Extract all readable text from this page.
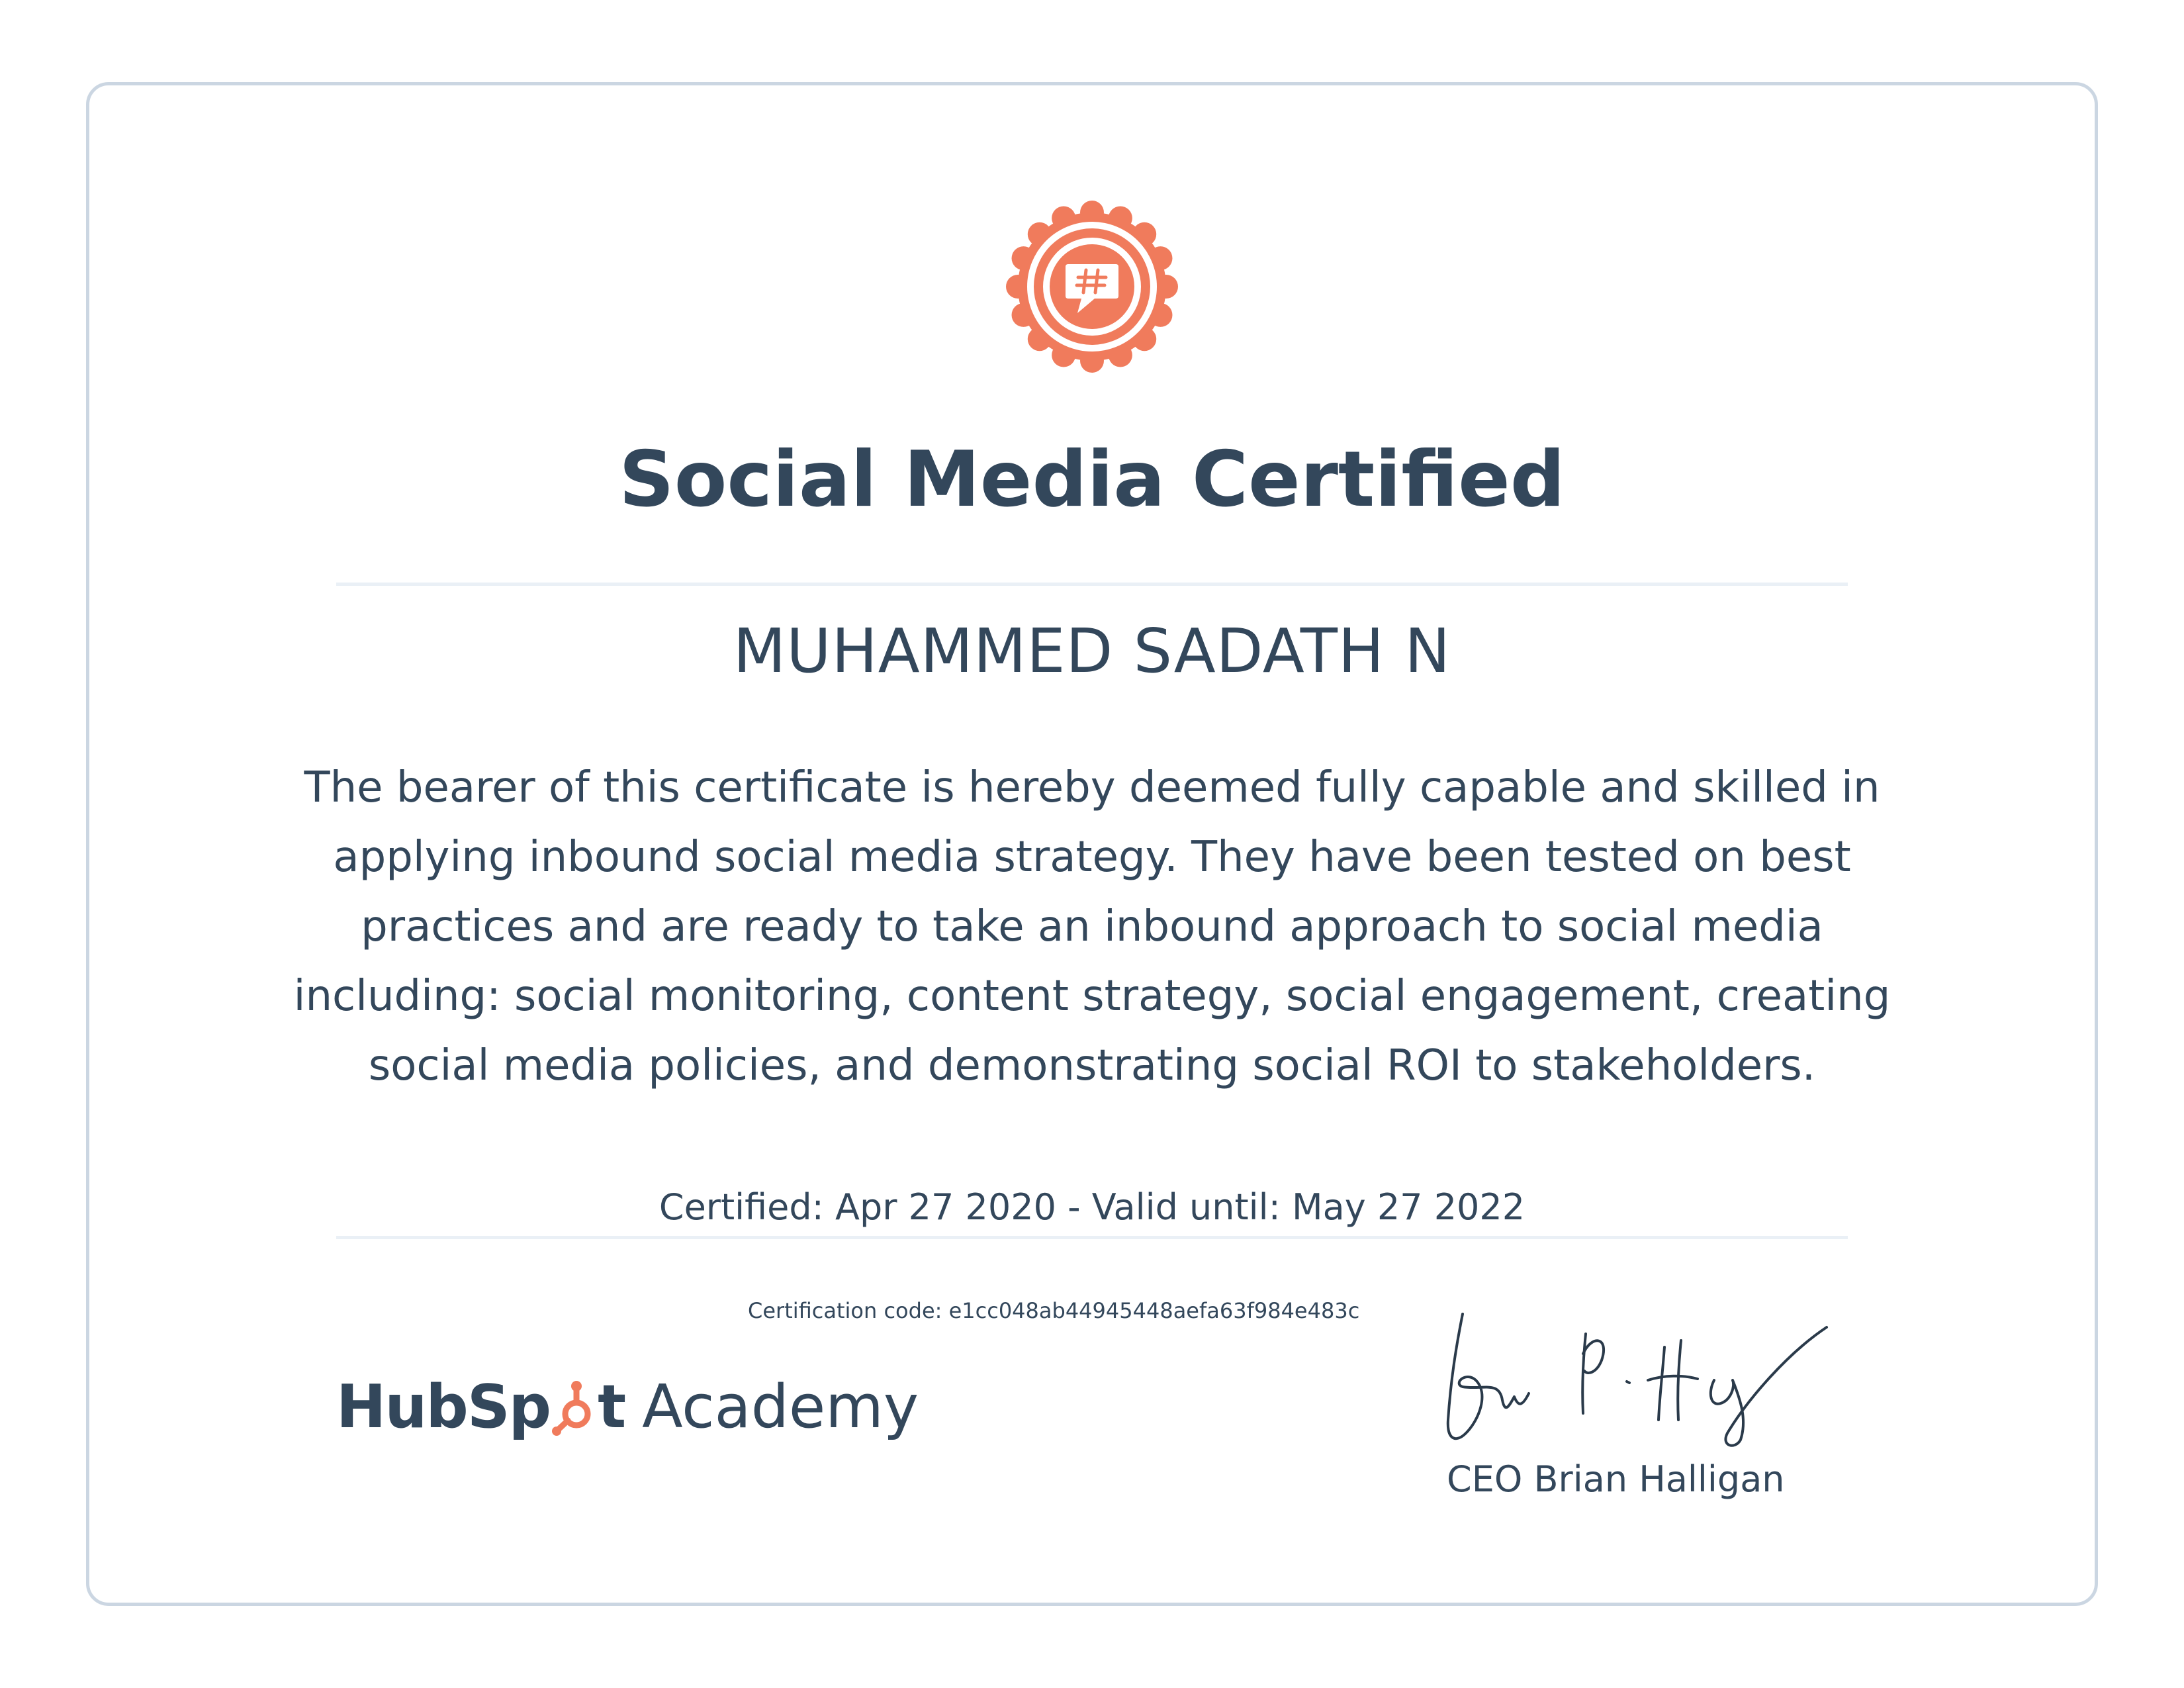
Social Media Certified
MUHAMMED SADATH N

The bearer of this certificate is hereby deemed fully capable and skilled in applying inbound social media strategy. They have been tested on best practices and are ready to take an inbound approach to social media including: social monitoring, content strategy, social engagement, creating social media policies, and demonstrating social ROI to stakeholders.

Certified: Apr 27 2020 - Valid until: May 27 2022
Certification code: e1cc048ab44945448aefa63f984e483c
HubSp t Academy
CEO Brian Halligan
